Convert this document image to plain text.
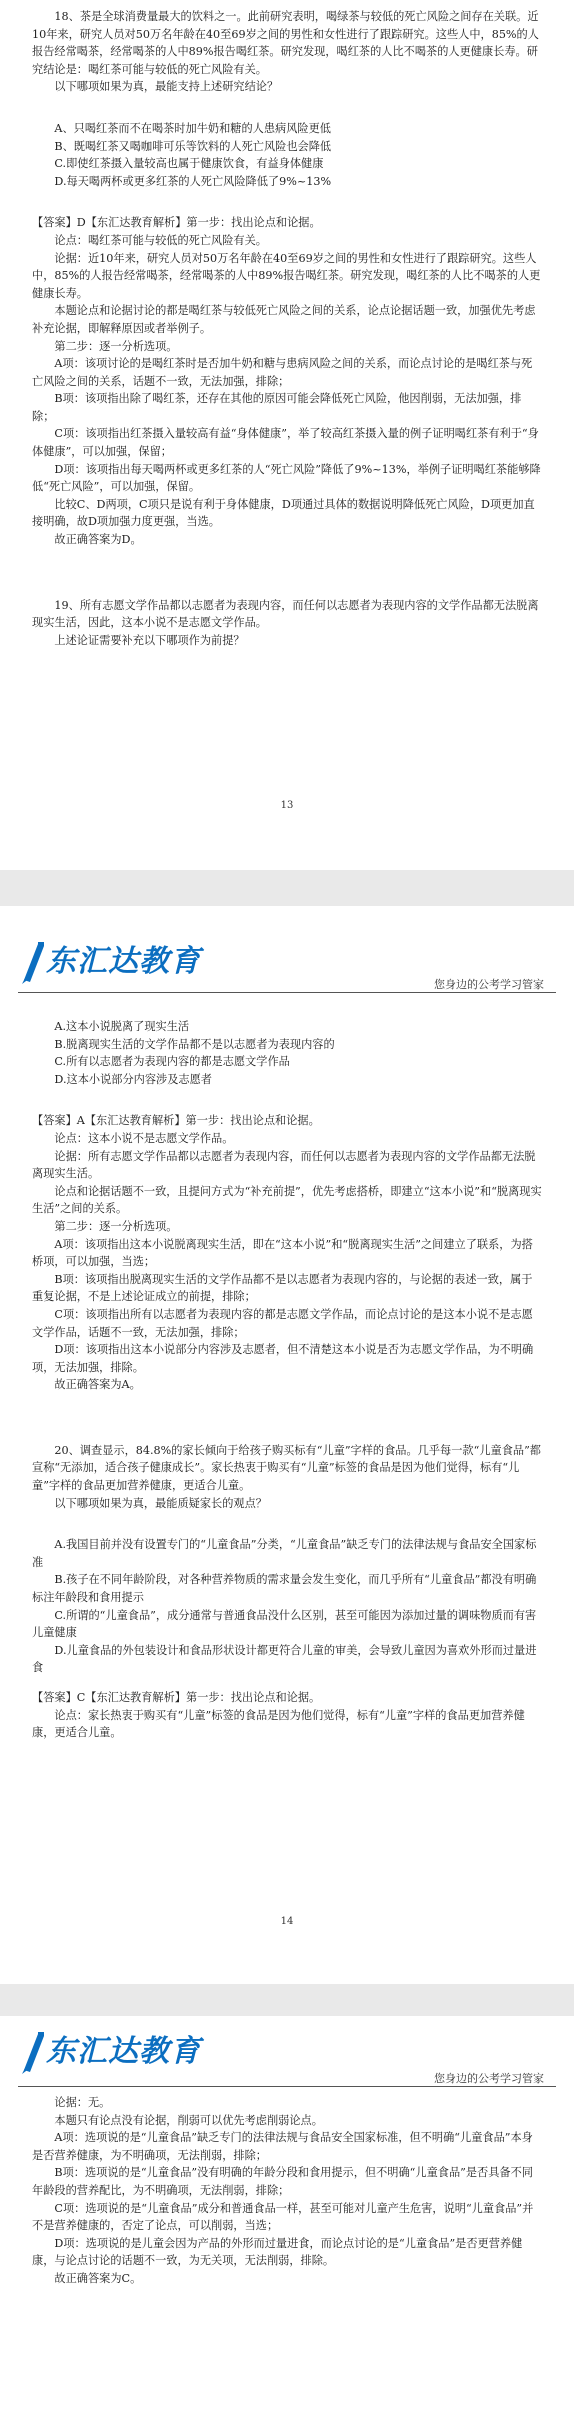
18、茶是全球消费量最大的饮料之一。此前研究表明，喝绿茶与较低的死亡风险之间存在关联。近10年来，研究人员对50万名年龄在40至69岁之间的男性和女性进行了跟踪研究。这些人中，85%的人报告经常喝茶，经常喝茶的人中89%报告喝红茶。研究发现，喝红茶的人比不喝茶的人更健康长寿。研究结论是：喝红茶可能与较低的死亡风险有关。

以下哪项如果为真，最能支持上述研究结论？

A、只喝红茶而不在喝茶时加牛奶和糖的人患病风险更低

B、既喝红茶又喝咖啡可乐等饮料的人死亡风险也会降低

C.即使红茶摄入量较高也属于健康饮食，有益身体健康

D.每天喝两杯或更多红茶的人死亡风险降低了9%~13%

【答案】D【东汇达教育解析】第一步：找出论点和论据。

论点：喝红茶可能与较低的死亡风险有关。

论据：近10年来，研究人员对50万名年龄在40至69岁之间的男性和女性进行了跟踪研究。这些人中，85%的人报告经常喝茶，经常喝茶的人中89%报告喝红茶。研究发现，喝红茶的人比不喝茶的人更健康长寿。

本题论点和论据讨论的都是喝红茶与较低死亡风险之间的关系，论点论据话题一致，加强优先考虑补充论据，即解释原因或者举例子。

第二步：逐一分析选项。

A项：该项讨论的是喝红茶时是否加牛奶和糖与患病风险之间的关系，而论点讨论的是喝红茶与死亡风险之间的关系，话题不一致，无法加强，排除；

B项：该项指出除了喝红茶，还存在其他的原因可能会降低死亡风险，他因削弱，无法加强，排除；

C项：该项指出红茶摄入量较高有益“身体健康”，举了较高红茶摄入量的例子证明喝红茶有利于“身体健康”，可以加强，保留；

D项：该项指出每天喝两杯或更多红茶的人“死亡风险”降低了9%~13%，举例子证明喝红茶能够降低“死亡风险”，可以加强，保留。

比较C、D两项，C项只是说有利于身体健康，D项通过具体的数据说明降低死亡风险，D项更加直接明确，故D项加强力度更强，当选。

故正确答案为D。

19、所有志愿文学作品都以志愿者为表现内容，而任何以志愿者为表现内容的文学作品都无法脱离现实生活，因此，这本小说不是志愿文学作品。

上述论证需要补充以下哪项作为前提？

13
东汇达教育
您身边的公考学习管家

A.这本小说脱离了现实生活

B.脱离现实生活的文学作品都不是以志愿者为表现内容的

C.所有以志愿者为表现内容的都是志愿文学作品

D.这本小说部分内容涉及志愿者

【答案】A【东汇达教育解析】第一步：找出论点和论据。

论点：这本小说不是志愿文学作品。

论据：所有志愿文学作品都以志愿者为表现内容，而任何以志愿者为表现内容的文学作品都无法脱离现实生活。

论点和论据话题不一致，且提问方式为“补充前提”，优先考虑搭桥，即建立“这本小说”和“脱离现实生活”之间的关系。

第二步：逐一分析选项。

A项：该项指出这本小说脱离现实生活，即在“这本小说”和“脱离现实生活”之间建立了联系，为搭桥项，可以加强，当选；

B项：该项指出脱离现实生活的文学作品都不是以志愿者为表现内容的，与论据的表述一致，属于重复论据，不是上述论证成立的前提，排除；

C项：该项指出所有以志愿者为表现内容的都是志愿文学作品，而论点讨论的是这本小说不是志愿文学作品，话题不一致，无法加强，排除；

D项：该项指出这本小说部分内容涉及志愿者，但不清楚这本小说是否为志愿文学作品，为不明确项，无法加强，排除。

故正确答案为A。

20、调查显示，84.8%的家长倾向于给孩子购买标有“儿童”字样的食品。几乎每一款“儿童食品”都宣称“无添加，适合孩子健康成长”。家长热衷于购买有“儿童”标签的食品是因为他们觉得，标有“儿童”字样的食品更加营养健康，更适合儿童。

以下哪项如果为真，最能质疑家长的观点？

A.我国目前并没有设置专门的“儿童食品”分类，“儿童食品”缺乏专门的法律法规与食品安全国家标准

B.孩子在不同年龄阶段，对各种营养物质的需求量会发生变化，而几乎所有“儿童食品”都没有明确标注年龄段和食用提示

C.所谓的“儿童食品”，成分通常与普通食品没什么区别，甚至可能因为添加过量的调味物质而有害儿童健康

D.儿童食品的外包装设计和食品形状设计都更符合儿童的审美，会导致儿童因为喜欢外形而过量进食

【答案】C【东汇达教育解析】第一步：找出论点和论据。

论点：家长热衷于购买有“儿童”标签的食品是因为他们觉得，标有“儿童”字样的食品更加营养健康，更适合儿童。

14
东汇达教育
您身边的公考学习管家

论据：无。

本题只有论点没有论据，削弱可以优先考虑削弱论点。

A项：选项说的是“儿童食品”缺乏专门的法律法规与食品安全国家标准，但不明确“儿童食品”本身是否营养健康，为不明确项，无法削弱，排除；

B项：选项说的是“儿童食品”没有明确的年龄分段和食用提示，但不明确“儿童食品”是否具备不同年龄段的营养配比，为不明确项，无法削弱，排除；

C项：选项说的是“儿童食品”成分和普通食品一样，甚至可能对儿童产生危害，说明“儿童食品”并不是营养健康的，否定了论点，可以削弱，当选；

D项：选项说的是儿童会因为产品的外形而过量进食，而论点讨论的是“儿童食品”是否更营养健康，与论点讨论的话题不一致，为无关项，无法削弱，排除。

故正确答案为C。
